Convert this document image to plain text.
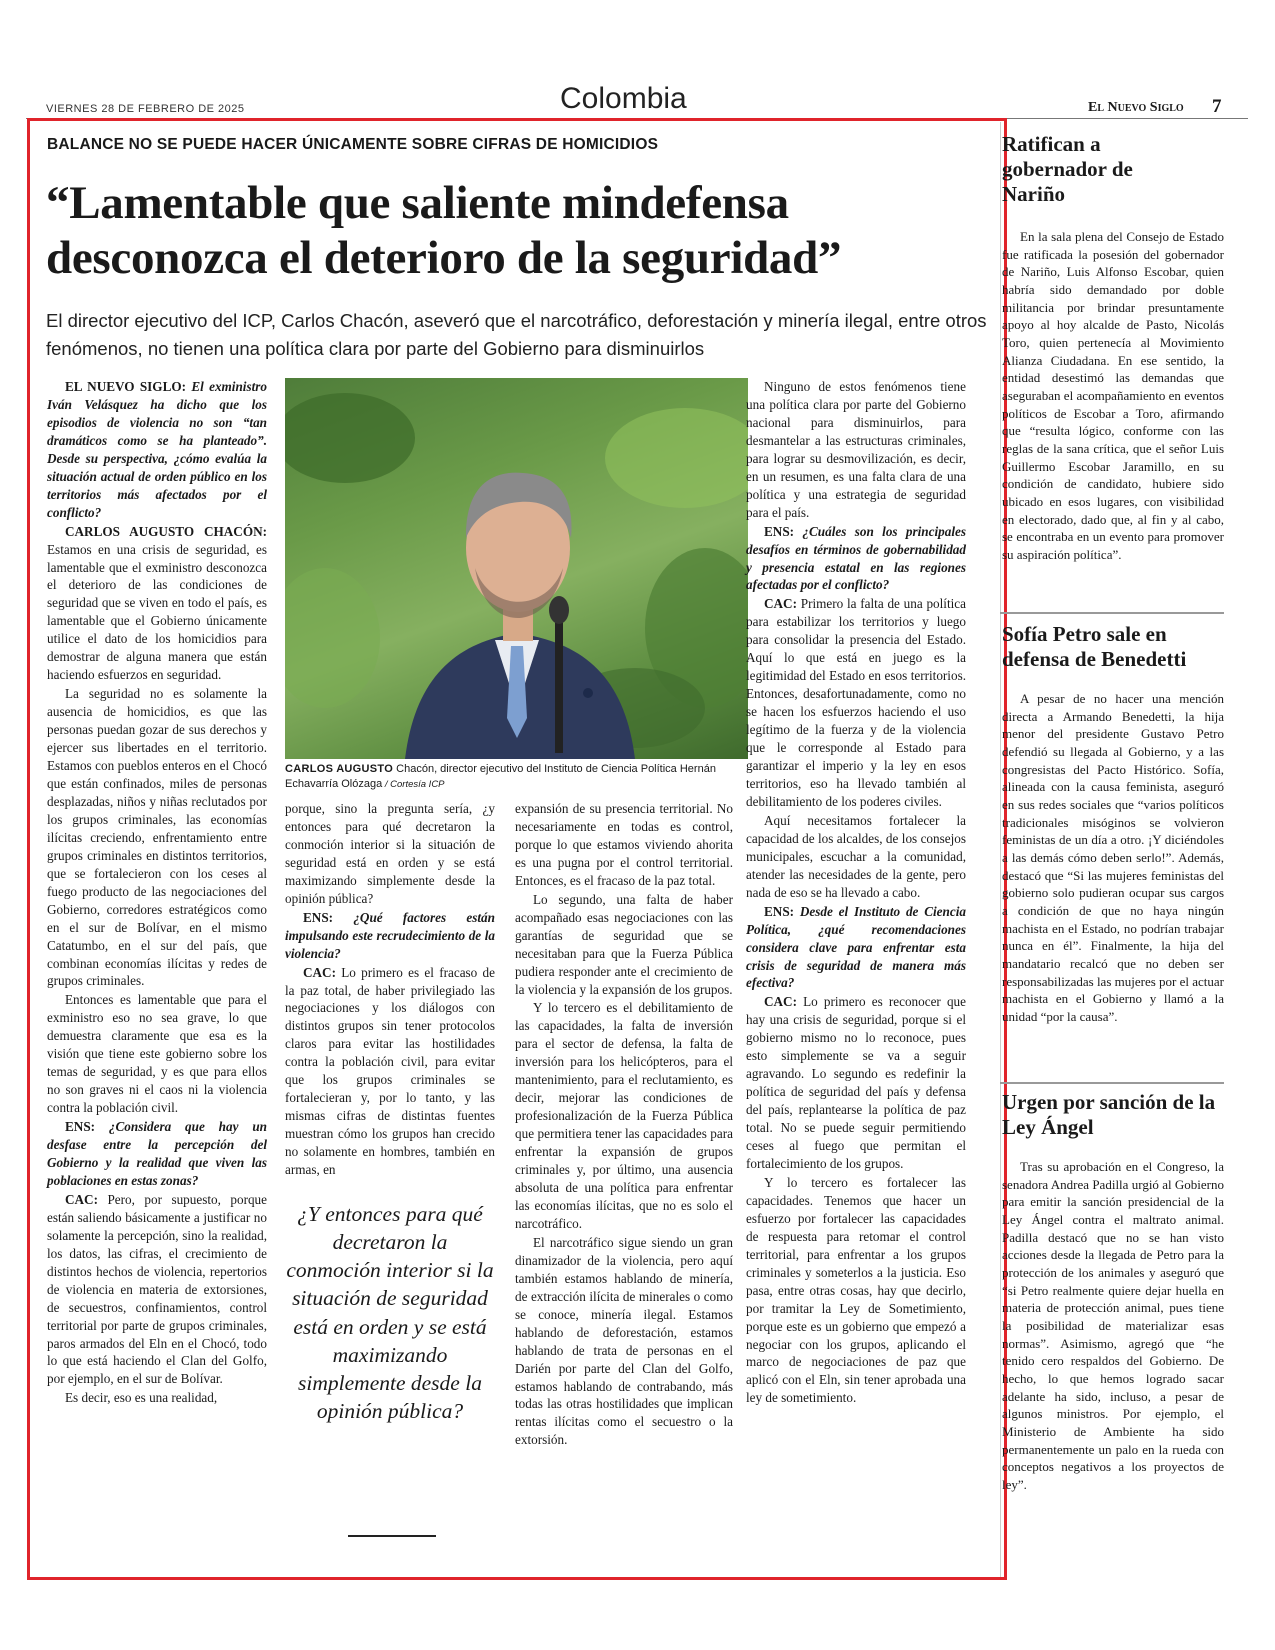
VIERNES 28 DE FEBRERO DE 2025	Colombia	El Nuevo Siglo 7
BALANCE NO SE PUEDE HACER ÚNICAMENTE SOBRE CIFRAS DE HOMICIDIOS
“Lamentable que saliente mindefensa desconozca el deterioro de la seguridad”
El director ejecutivo del ICP, Carlos Chacón, aseveró que el narcotráfico, deforestación y minería ilegal, entre otros fenómenos, no tienen una política clara por parte del Gobierno para disminuirlos

EL NUEVO SIGLO: El exministro Iván Velásquez ha dicho que los episodios de violencia no son “tan dramáticos como se ha planteado”. Desde su perspectiva, ¿cómo evalúa la situación actual de orden público en los territorios más afectados por el conflicto?

CARLOS AUGUSTO CHACÓN: Estamos en una crisis de seguridad, es lamentable que el exministro desconozca el deterioro de las condiciones de seguridad que se viven en todo el país, es lamentable que el Gobierno únicamente utilice el dato de los homicidios para demostrar de alguna manera que están haciendo esfuerzos en seguridad.

La seguridad no es solamente la ausencia de homicidios, es que las personas puedan gozar de sus derechos y ejercer sus libertades en el territorio. Estamos con pueblos enteros en el Chocó que están confinados, miles de personas desplazadas, niños y niñas reclutados por los grupos criminales, las economías ilícitas creciendo, enfrentamiento entre grupos criminales en distintos territorios, que se fortalecieron con los ceses al fuego producto de las negociaciones del Gobierno, corredores estratégicos como en el sur de Bolívar, en el mismo Catatumbo, en el sur del país, que combinan economías ilícitas y redes de grupos criminales.

Entonces es lamentable que para el exministro eso no sea grave, lo que demuestra claramente que esa es la visión que tiene este gobierno sobre los temas de seguridad, y es que para ellos no son graves ni el caos ni la violencia contra la población civil.

ENS: ¿Considera que hay un desfase entre la percepción del Gobierno y la realidad que viven las poblaciones en estas zonas?

CAC: Pero, por supuesto, porque están saliendo básicamente a justificar no solamente la percepción, sino la realidad, los datos, las cifras, el crecimiento de distintos hechos de violencia, repertorios de violencia en materia de extorsiones, de secuestros, confinamientos, control territorial por parte de grupos criminales, paros armados del Eln en el Chocó, todo lo que está haciendo el Clan del Golfo, por ejemplo, en el sur de Bolívar.

Es decir, eso es una realidad,

CARLOS AUGUSTO Chacón, director ejecutivo del Instituto de Ciencia Política Hernán Echavarría Olózaga / Cortesía ICP

porque, sino la pregunta sería, ¿y entonces para qué decretaron la conmoción interior si la situación de seguridad está en orden y se está maximizando simplemente desde la opinión pública?

ENS: ¿Qué factores están impulsando este recrudecimiento de la violencia?

CAC: Lo primero es el fracaso de la paz total, de haber privilegiado las negociaciones y los diálogos con distintos grupos sin tener protocolos claros para evitar las hostilidades contra la población civil, para evitar que los grupos criminales se fortalecieran y, por lo tanto, y las mismas cifras de distintas fuentes muestran cómo los grupos han crecido no solamente en hombres, también en armas, en

¿Y entonces para qué decretaron la conmoción interior si la situación de seguridad está en orden y se está maximizando simplemente desde la opinión pública?

expansión de su presencia territorial. No necesariamente en todas es control, porque lo que estamos viviendo ahorita es una pugna por el control territorial. Entonces, es el fracaso de la paz total.

Lo segundo, una falta de haber acompañado esas negociaciones con las garantías de seguridad que se necesitaban para que la Fuerza Pública pudiera responder ante el crecimiento de la violencia y la expansión de los grupos.

Y lo tercero es el debilitamiento de las capacidades, la falta de inversión para el sector de defensa, la falta de inversión para los helicópteros, para el mantenimiento, para el reclutamiento, es decir, mejorar las condiciones de profesionalización de la Fuerza Pública que permitiera tener las capacidades para enfrentar la expansión de grupos criminales y, por último, una ausencia absoluta de una política para enfrentar las economías ilícitas, que no es solo el narcotráfico.

El narcotráfico sigue siendo un gran dinamizador de la violencia, pero aquí también estamos hablando de minería, de extracción ilícita de minerales o como se conoce, minería ilegal. Estamos hablando de deforestación, estamos hablando de trata de personas en el Darién por parte del Clan del Golfo, estamos hablando de contrabando, más todas las otras hostilidades que implican rentas ilícitas como el secuestro o la extorsión.

Ninguno de estos fenómenos tiene una política clara por parte del Gobierno nacional para disminuirlos, para desmantelar a las estructuras criminales, para lograr su desmovilización, es decir, en un resumen, es una falta clara de una política y una estrategia de seguridad para el país.

ENS: ¿Cuáles son los principales desafíos en términos de gobernabilidad y presencia estatal en las regiones afectadas por el conflicto?

CAC: Primero la falta de una política para estabilizar los territorios y luego para consolidar la presencia del Estado. Aquí lo que está en juego es la legitimidad del Estado en esos territorios. Entonces, desafortunadamente, como no se hacen los esfuerzos haciendo el uso legítimo de la fuerza y de la violencia que le corresponde al Estado para garantizar el imperio y la ley en esos territorios, eso ha llevado también al debilitamiento de los poderes civiles.

Aquí necesitamos fortalecer la capacidad de los alcaldes, de los consejos municipales, escuchar a la comunidad, atender las necesidades de la gente, pero nada de eso se ha llevado a cabo.

ENS: Desde el Instituto de Ciencia Política, ¿qué recomendaciones considera clave para enfrentar esta crisis de seguridad de manera más efectiva?

CAC: Lo primero es reconocer que hay una crisis de seguridad, porque si el gobierno mismo no lo reconoce, pues esto simplemente se va a seguir agravando. Lo segundo es redefinir la política de seguridad del país y defensa del país, replantearse la política de paz total. No se puede seguir permitiendo ceses al fuego que permitan el fortalecimiento de los grupos.

Y lo tercero es fortalecer las capacidades. Tenemos que hacer un esfuerzo por fortalecer las capacidades de respuesta para retomar el control territorial, para enfrentar a los grupos criminales y someterlos a la justicia. Eso pasa, entre otras cosas, hay que decirlo, por tramitar la Ley de Sometimiento, porque este es un gobierno que empezó a negociar con los grupos, aplicando el marco de negociaciones de paz que aplicó con el Eln, sin tener aprobada una ley de sometimiento.

Ratifican a gobernador de Nariño

En la sala plena del Consejo de Estado fue ratificada la posesión del gobernador de Nariño, Luis Alfonso Escobar, quien habría sido demandado por doble militancia por brindar presuntamente apoyo al hoy alcalde de Pasto, Nicolás Toro, quien pertenecía al Movimiento Alianza Ciudadana. En ese sentido, la entidad desestimó las demandas que aseguraban el acompañamiento en eventos políticos de Escobar a Toro, afirmando que “resulta lógico, conforme con las reglas de la sana crítica, que el señor Luis Guillermo Escobar Jaramillo, en su condición de candidato, hubiere sido ubicado en esos lugares, con visibilidad en electorado, dado que, al fin y al cabo, se encontraba en un evento para promover su aspiración política”.

Sofía Petro sale en defensa de Benedetti

A pesar de no hacer una mención directa a Armando Benedetti, la hija menor del presidente Gustavo Petro defendió su llegada al Gobierno, y a las congresistas del Pacto Histórico. Sofía, alineada con la causa feminista, aseguró en sus redes sociales que “varios políticos tradicionales misóginos se volvieron feministas de un día a otro. ¡Y diciéndoles a las demás cómo deben serlo!”. Además, destacó que “Si las mujeres feministas del gobierno solo pudieran ocupar sus cargos a condición de que no haya ningún machista en el Estado, no podrían trabajar nunca en él”. Finalmente, la hija del mandatario recalcó que no deben ser responsabilizadas las mujeres por el actuar machista en el Gobierno y llamó a la unidad “por la causa”.

Urgen por sanción de la Ley Ángel

Tras su aprobación en el Congreso, la senadora Andrea Padilla urgió al Gobierno para emitir la sanción presidencial de la Ley Ángel contra el maltrato animal. Padilla destacó que no se han visto acciones desde la llegada de Petro para la protección de los animales y aseguró que “si Petro realmente quiere dejar huella en materia de protección animal, pues tiene la posibilidad de materializar esas normas”. Asimismo, agregó que “he tenido cero respaldos del Gobierno. De hecho, lo que hemos logrado sacar adelante ha sido, incluso, a pesar de algunos ministros. Por ejemplo, el Ministerio de Ambiente ha sido permanentemente un palo en la rueda con conceptos negativos a los proyectos de ley”.
